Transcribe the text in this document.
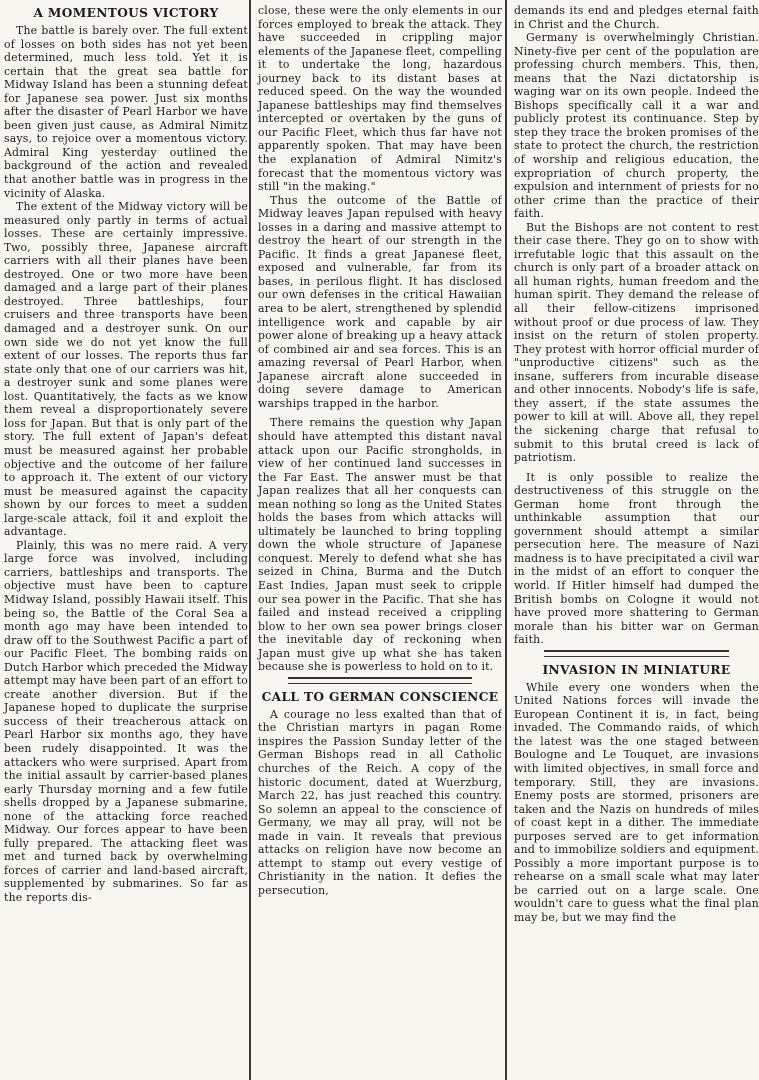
A MOMENTOUS VICTORY

The battle is barely over. The full extent of losses on both sides has not yet been determined, much less told. Yet it is certain that the great sea battle for Midway Island has been a stunning defeat for Japanese sea power. Just six months after the disaster of Pearl Harbor we have been given just cause, as Admiral Nimitz says, to rejoice over a momentous victory. Admiral King yesterday outlined the background of the action and revealed that another battle was in progress in the vicinity of Alaska.

The extent of the Midway victory will be measured only partly in terms of actual losses. These are certainly impressive. Two, possibly three, Japanese aircraft carriers with all their planes have been destroyed. One or two more have been damaged and a large part of their planes destroyed. Three battleships, four cruisers and three transports have been damaged and a destroyer sunk. On our own side we do not yet know the full extent of our losses. The reports thus far state only that one of our carriers was hit, a destroyer sunk and some planes were lost. Quantitatively, the facts as we know them reveal a disproportionately severe loss for Japan. But that is only part of the story. The full extent of Japan's defeat must be measured against her probable objective and the outcome of her failure to approach it. The extent of our victory must be measured against the capacity shown by our forces to meet a sudden large-scale attack, foil it and exploit the advantage.

Plainly, this was no mere raid. A very large force was involved, including carriers, battleships and transports. The objective must have been to capture Midway Island, possibly Hawaii itself. This being so, the Battle of the Coral Sea a month ago may have been intended to draw off to the Southwest Pacific a part of our Pacific Fleet. The bombing raids on Dutch Harbor which preceded the Midway attempt may have been part of an effort to create another diversion. But if the Japanese hoped to duplicate the surprise success of their treacherous attack on Pearl Harbor six months ago, they have been rudely disappointed. It was the attackers who were surprised. Apart from the initial assault by carrier-based planes early Thursday morning and a few futile shells dropped by a Japanese submarine, none of the attacking force reached Midway. Our forces appear to have been fully prepared. The attacking fleet was met and turned back by overwhelming forces of carrier and land-based aircraft, supplemented by submarines. So far as the reports dis-

close, these were the only elements in our forces employed to break the attack. They have succeeded in crippling major elements of the Japanese fleet, compelling it to undertake the long, hazardous journey back to its distant bases at reduced speed. On the way the wounded Japanese battleships may find themselves intercepted or overtaken by the guns of our Pacific Fleet, which thus far have not apparently spoken. That may have been the explanation of Admiral Nimitz's forecast that the momentous victory was still "in the making."

Thus the outcome of the Battle of Midway leaves Japan repulsed with heavy losses in a daring and massive attempt to destroy the heart of our strength in the Pacific. It finds a great Japanese fleet, exposed and vulnerable, far from its bases, in perilous flight. It has disclosed our own defenses in the critical Hawaiian area to be alert, strengthened by splendid intelligence work and capable by air power alone of breaking up a heavy attack of combined air and sea forces. This is an amazing reversal of Pearl Harbor, when Japanese aircraft alone succeeded in doing severe damage to American warships trapped in the harbor.

There remains the question why Japan should have attempted this distant naval attack upon our Pacific strongholds, in view of her continued land successes in the Far East. The answer must be that Japan realizes that all her conquests can mean nothing so long as the United States holds the bases from which attacks will ultimately be launched to bring toppling down the whole structure of Japanese conquest. Merely to defend what she has seized in China, Burma and the Dutch East Indies, Japan must seek to cripple our sea power in the Pacific. That she has failed and instead received a crippling blow to her own sea power brings closer the inevitable day of reckoning when Japan must give up what she has taken because she is powerless to hold on to it.

CALL TO GERMAN CONSCIENCE

A courage no less exalted than that of the Christian martyrs in pagan Rome inspires the Passion Sunday letter of the German Bishops read in all Catholic churches of the Reich. A copy of the historic document, dated at Wuerzburg, March 22, has just reached this country. So solemn an appeal to the conscience of Germany, we may all pray, will not be made in vain. It reveals that previous attacks on religion have now become an attempt to stamp out every vestige of Christianity in the nation. It defies the persecution,

demands its end and pledges eternal faith in Christ and the Church.

Germany is overwhelmingly Christian. Ninety-five per cent of the population are professing church members. This, then, means that the Nazi dictatorship is waging war on its own people. Indeed the Bishops specifically call it a war and publicly protest its continuance. Step by step they trace the broken promises of the state to protect the church, the restriction of worship and religious education, the expropriation of church property, the expulsion and internment of priests for no other crime than the practice of their faith.

But the Bishops are not content to rest their case there. They go on to show with irrefutable logic that this assault on the church is only part of a broader attack on all human rights, human freedom and the human spirit. They demand the release of all their fellow-citizens imprisoned without proof or due process of law. They insist on the return of stolen property. They protest with horror official murder of "unproductive citizens" such as the insane, sufferers from incurable disease and other innocents. Nobody's life is safe, they assert, if the state assumes the power to kill at will. Above all, they repel the sickening charge that refusal to submit to this brutal creed is lack of patriotism.

It is only possible to realize the destructiveness of this struggle on the German home front through the unthinkable assumption that our government should attempt a similar persecution here. The measure of Nazi madness is to have precipitated a civil war in the midst of an effort to conquer the world. If Hitler himself had dumped the British bombs on Cologne it would not have proved more shattering to German morale than his bitter war on German faith.

INVASION IN MINIATURE

While every one wonders when the United Nations forces will invade the European Continent it is, in fact, being invaded. The Commando raids, of which the latest was the one staged between Boulogne and Le Touquet, are invasions with limited objectives, in small force and temporary. Still, they are invasions. Enemy posts are stormed, prisoners are taken and the Nazis on hundreds of miles of coast kept in a dither. The immediate purposes served are to get information and to immobilize soldiers and equipment. Possibly a more important purpose is to rehearse on a small scale what may later be carried out on a large scale. One wouldn't care to guess what the final plan may be, but we may find the
